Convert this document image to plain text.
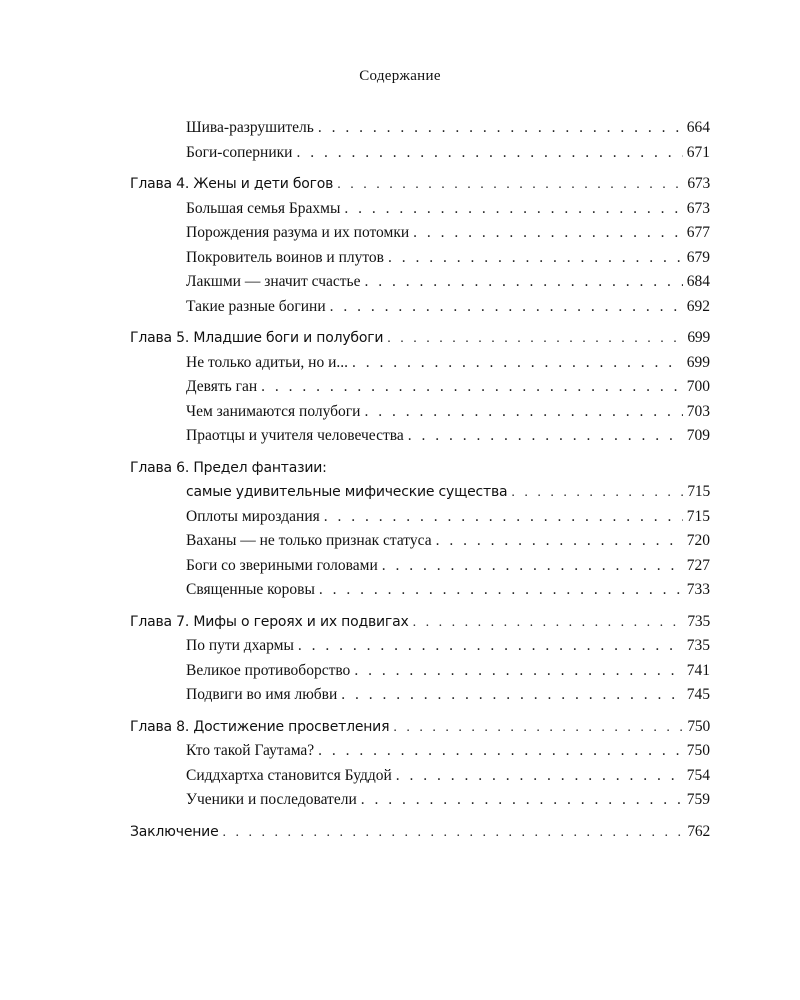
Содержание
Шива-разрушитель . . .	664
Боги-соперники . . .	671
Глава 4. Жены и дети богов . . .	673
Большая семья Брахмы . . .	673
Порождения разума и их потомки . . .	677
Покровитель воинов и плутов . . .	679
Лакшми — значит счастье . . .	684
Такие разные богини . . .	692
Глава 5. Младшие боги и полубоги . . .	699
Не только адитьи, но и... . . .	699
Девять ган . . .	700
Чем занимаются полубоги . . .	703
Праотцы и учителя человечества . . .	709
Глава 6. Предел фантазии:
самые удивительные мифические существа . . .	715
Оплоты мироздания . . .	715
Ваханы — не только признак статуса . . .	720
Боги со звериными головами . . .	727
Священные коровы . . .	733
Глава 7. Мифы о героях и их подвигах . . .	735
По пути дхармы . . .	735
Великое противоборство . . .	741
Подвиги во имя любви . . .	745
Глава 8. Достижение просветления . . .	750
Кто такой Гаутама? . . .	750
Сиддхартха становится Буддой . . .	754
Ученики и последователи . . .	759
Заключение . . .	762
